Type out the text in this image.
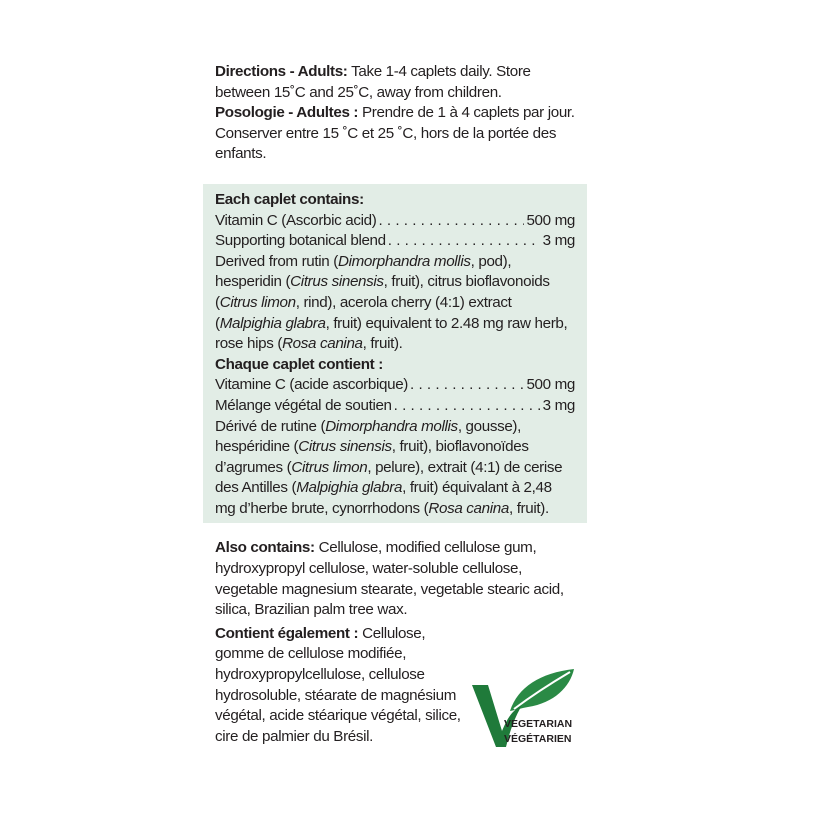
Directions - Adults: Take 1-4 caplets daily. Store between 15˚C and 25˚C, away from children.

Posologie - Adultes : Prendre de 1 à 4 caplets par jour. Conserver entre 15 ˚C et 25 ˚C, hors de la portée des enfants.

Each caplet contains:

Vitamin C (Ascorbic acid) . . .	500 mg
Supporting botanical blend . . .	3 mg

Derived from rutin (Dimorphandra mollis, pod), hesperidin (Citrus sinensis, fruit), citrus bioflavonoids (Citrus limon, rind), acerola cherry (4:1) extract (Malpighia glabra, fruit) equivalent to 2.48 mg raw herb, rose hips (Rosa canina, fruit).

Chaque caplet contient :

Vitamine C (acide ascorbique) . . .	500 mg
Mélange végétal de soutien . . .	3 mg

Dérivé de rutine (Dimorphandra mollis, gousse), hespéridine (Citrus sinensis, fruit), bioflavonoïdes d’agrumes (Citrus limon, pelure), extrait (4:1) de cerise des Antilles (Malpighia glabra, fruit) équivalant à 2,48 mg d’herbe brute, cynorrhodons (Rosa canina, fruit).

Also contains: Cellulose, modified cellulose gum, hydroxypropyl cellulose, water-soluble cellulose, vegetable magnesium stearate, vegetable stearic acid, silica, Brazilian palm tree wax.

Contient également : Cellulose, gomme de cellulose modifiée, hydroxypropylcellulose, cellulose hydrosoluble, stéarate de magnésium végétal, acide stéarique végétal, silice, cire de palmier du Brésil.

VEGETARIAN
VÉGÉTARIEN
